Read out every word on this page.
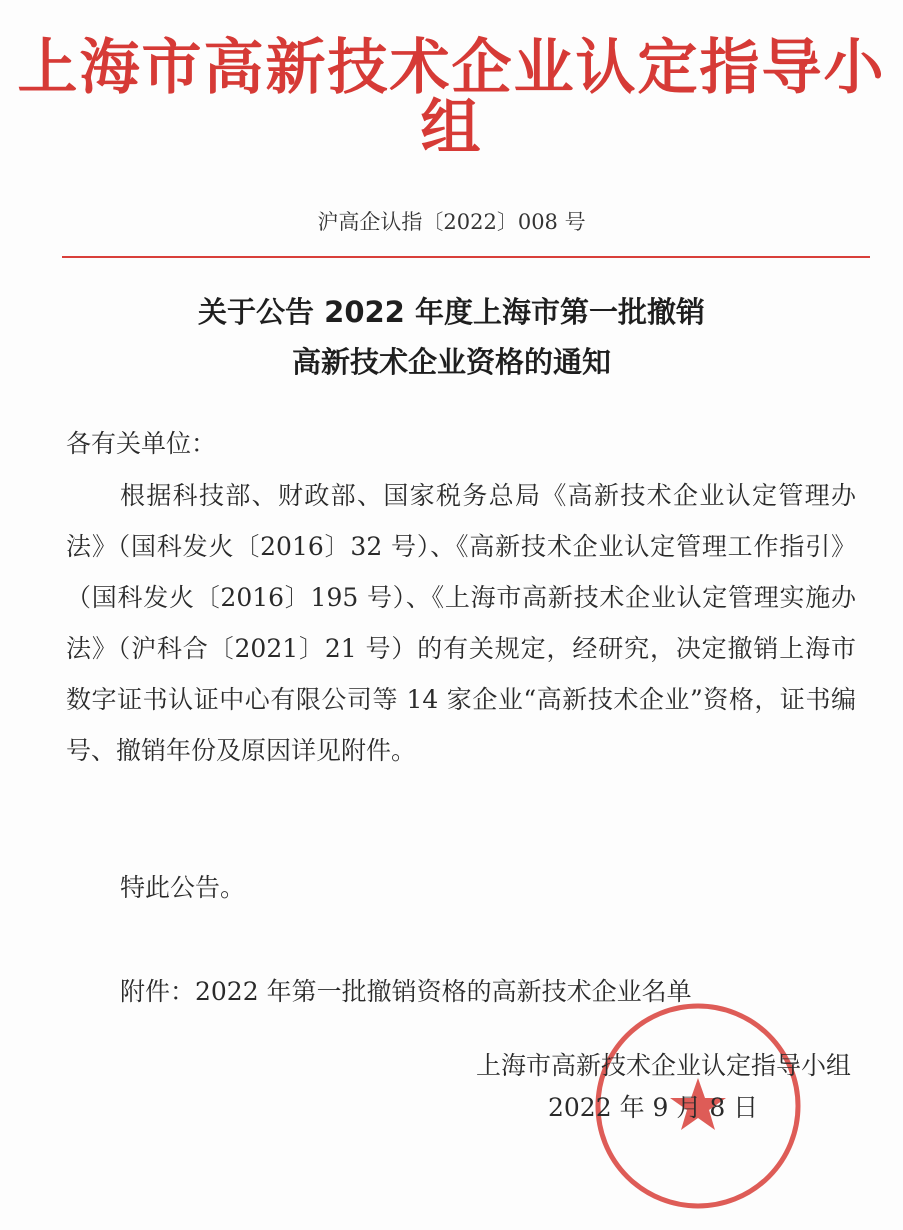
上海市高新技术企业认定指导小组
沪高企认指〔2022〕008 号
关于公告 2022 年度上海市第一批撤销
高新技术企业资格的通知
各有关单位：
根据科技部、财政部、国家税务总局《高新技术企业认定管理办法》（国科发火〔2016〕32 号）、《高新技术企业认定管理工作指引》（国科发火〔2016〕195 号）、《上海市高新技术企业认定管理实施办法》（沪科合〔2021〕21 号）的有关规定，经研究，决定撤销上海市数字证书认证中心有限公司等 14 家企业“高新技术企业”资格，证书编号、撤销年份及原因详见附件。
特此公告。
附件：2022 年第一批撤销资格的高新技术企业名单
上海市高新技术企业认定指导小组
2022 年 9 月 8 日
